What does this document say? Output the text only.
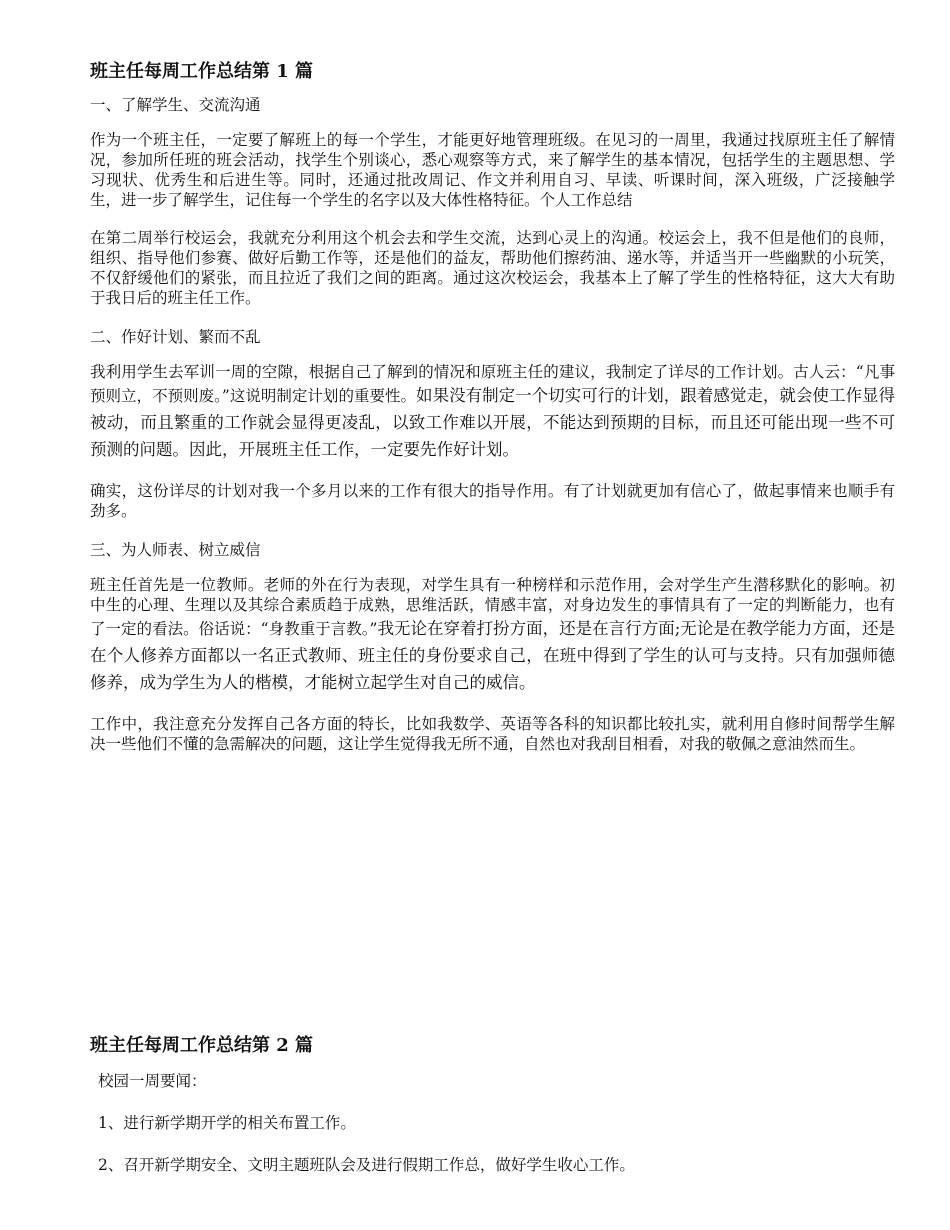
班主任每周工作总结第 1 篇
一、了解学生、交流沟通

作为一个班主任，一定要了解班上的每一个学生，才能更好地管理班级。在见习的一周里，我通过找原班主任了解情况，参加所任班的班会活动，找学生个别谈心，悉心观察等方式，来了解学生的基本情况，包括学生的主题思想、学习现状、优秀生和后进生等。同时，还通过批改周记、作文并利用自习、早读、听课时间，深入班级，广泛接触学生，进一步了解学生，记住每一个学生的名字以及大体性格特征。个人工作总结

在第二周举行校运会，我就充分利用这个机会去和学生交流，达到心灵上的沟通。校运会上，我不但是他们的良师，组织、指导他们参赛、做好后勤工作等，还是他们的益友，帮助他们擦药油、递水等，并适当开一些幽默的小玩笑，不仅舒缓他们的紧张，而且拉近了我们之间的距离。通过这次校运会，我基本上了解了学生的性格特征，这大大有助于我日后的班主任工作。

二、作好计划、繁而不乱

我利用学生去军训一周的空隙，根据自己了解到的情况和原班主任的建议，我制定了详尽的工作计划。古人云：“凡事预则立，不预则废。”这说明制定计划的重要性。如果没有制定一个切实可行的计划，跟着感觉走，就会使工作显得被动，而且繁重的工作就会显得更凌乱，以致工作难以开展，不能达到预期的目标，而且还可能出现一些不可预测的问题。因此，开展班主任工作，一定要先作好计划。

确实，这份详尽的计划对我一个多月以来的工作有很大的指导作用。有了计划就更加有信心了，做起事情来也顺手有劲多。

三、为人师表、树立威信

班主任首先是一位教师。老师的外在行为表现，对学生具有一种榜样和示范作用，会对学生产生潜移默化的影响。初中生的心理、生理以及其综合素质趋于成熟，思维活跃，情感丰富，对身边发生的事情具有了一定的判断能力，也有了一定的看法。俗话说：“身教重于言教。”我无论在穿着打扮方面，还是在言行方面;无论是在教学能力方面，还是在个人修养方面都以一名正式教师、班主任的身份要求自己，在班中得到了学生的认可与支持。只有加强师德修养，成为学生为人的楷模，才能树立起学生对自己的威信。

工作中，我注意充分发挥自己各方面的特长，比如我数学、英语等各科的知识都比较扎实，就利用自修时间帮学生解决一些他们不懂的急需解决的问题，这让学生觉得我无所不通，自然也对我刮目相看，对我的敬佩之意油然而生。

班主任每周工作总结第 2 篇
校园一周要闻：
1、进行新学期开学的相关布置工作。
2、召开新学期安全、文明主题班队会及进行假期工作总，做好学生收心工作。
